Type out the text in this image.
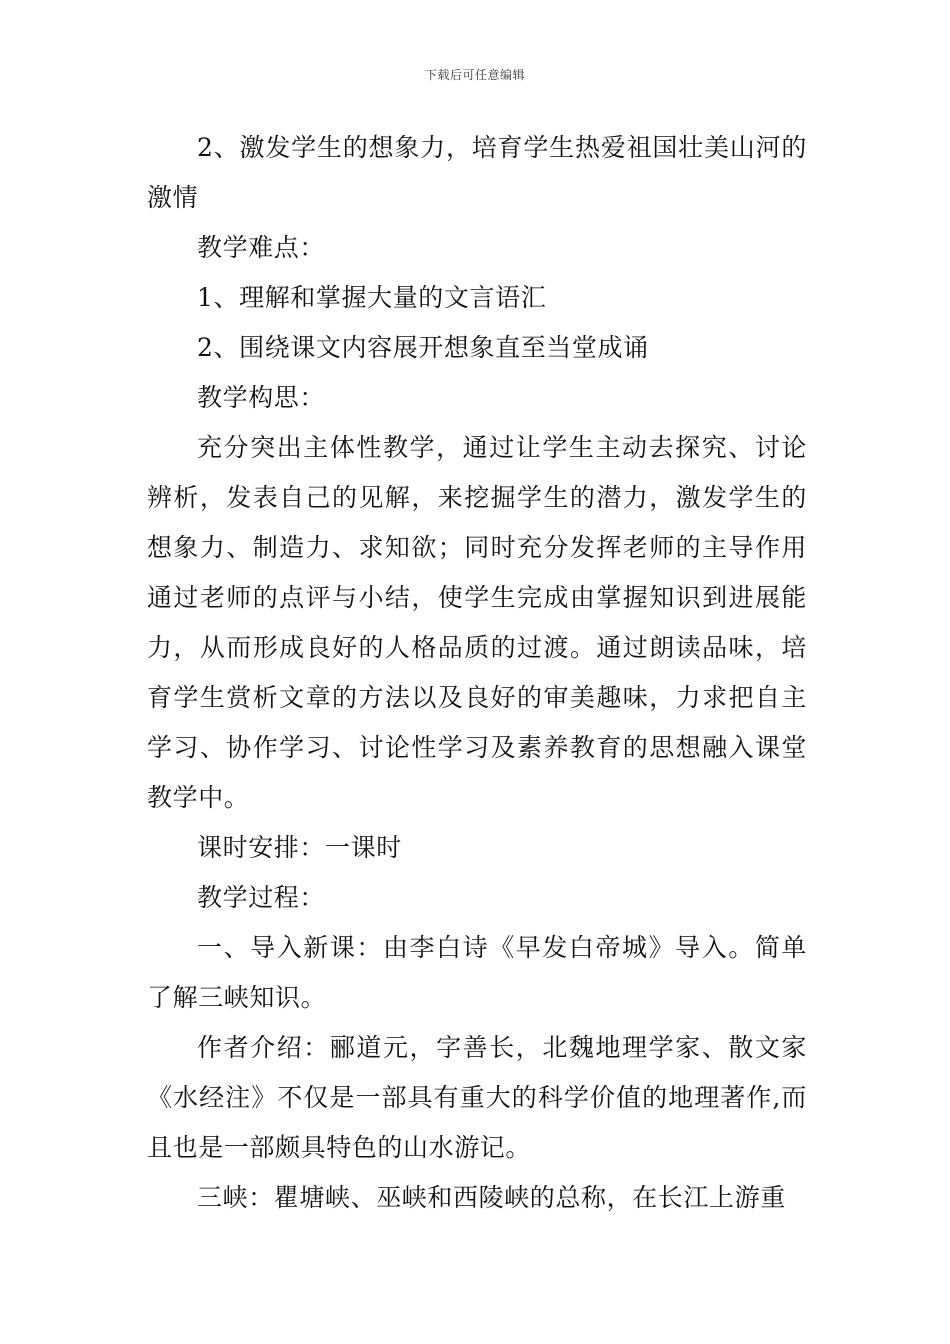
下载后可任意编辑

2、激发学生的想象力，培育学生热爱祖国壮美山河的激情

教学难点：

1、理解和掌握大量的文言语汇

2、围绕课文内容展开想象直至当堂成诵

教学构思：

充分突出主体性教学，通过让学生主动去探究、讨论辨析，发表自己的见解，来挖掘学生的潜力，激发学生的想象力、制造力、求知欲；同时充分发挥老师的主导作用通过老师的点评与小结，使学生完成由掌握知识到进展能力，从而形成良好的人格品质的过渡。通过朗读品味，培育学生赏析文章的方法以及良好的审美趣味，力求把自主学习、协作学习、讨论性学习及素养教育的思想融入课堂教学中。

课时安排：一课时

教学过程：

一、导入新课：由李白诗《早发白帝城》导入。简单了解三峡知识。

作者介绍：郦道元，字善长，北魏地理学家、散文家《水经注》不仅是一部具有重大的科学价值的地理著作,而且也是一部颇具特色的山水游记。

三峡：瞿塘峡、巫峡和西陵峡的总称，在长江上游重
